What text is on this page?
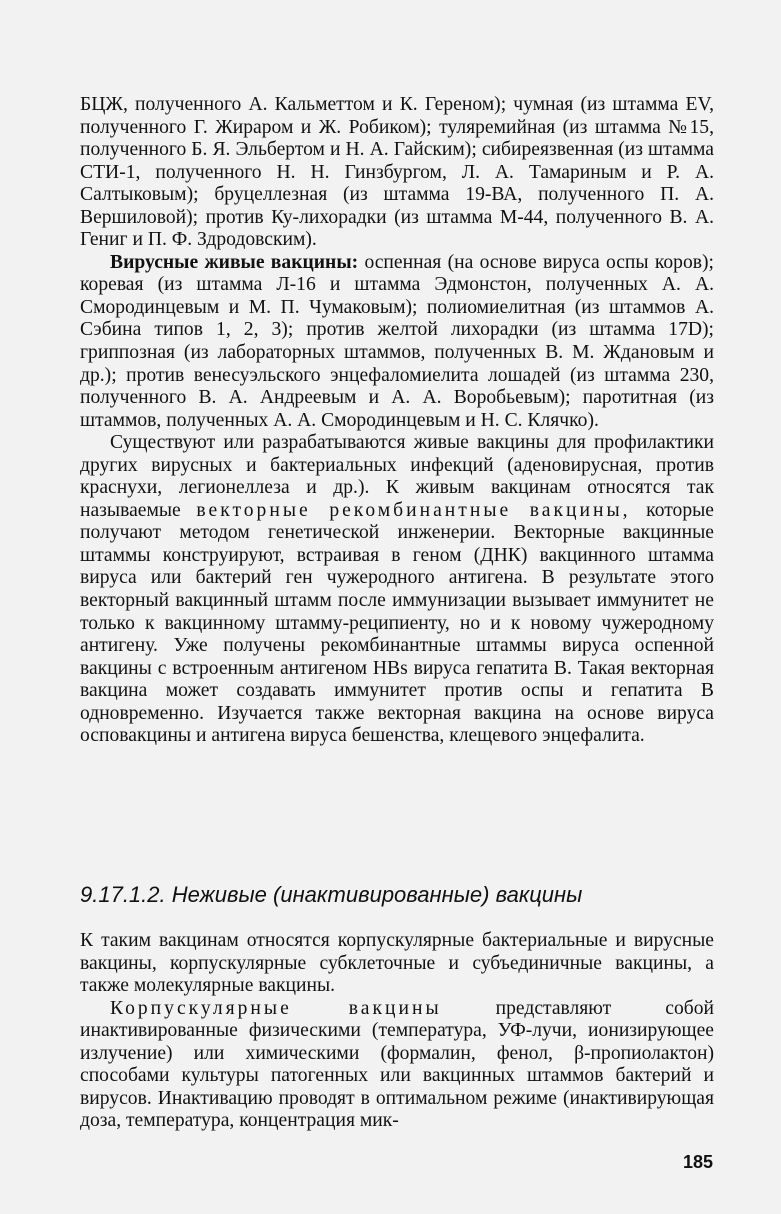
БЦЖ, полученного А. Кальметтом и К. Гереном); чумная (из штамма EV, полученного Г. Жираром и Ж. Робиком); туляремийная (из штамма №15, полученного Б. Я. Эльбертом и Н. А. Гайским); сибиреязвенная (из штамма СТИ-1, полученного Н. Н. Гинзбургом, Л. А. Тамариным и Р. А. Салтыковым); бруцеллезная (из штамма 19-ВА, полученного П. А. Вершиловой); против Ку-лихорадки (из штамма М-44, полученного В. А. Гениг и П. Ф. Здродовским).

Вирусные живые вакцины: оспенная (на основе вируса оспы коров); коревая (из штамма Л-16 и штамма Эдмонстон, полученных А. А. Смородинцевым и М. П. Чумаковым); полиомиелитная (из штаммов А. Сэбина типов 1, 2, 3); против желтой лихорадки (из штамма 17D); гриппозная (из лабораторных штаммов, полученных В. М. Ждановым и др.); против венесуэльского энцефаломиелита лошадей (из штамма 230, полученного В. А. Андреевым и А. А. Воробьевым); паротитная (из штаммов, полученных А. А. Смородинцевым и Н. С. Клячко).

Существуют или разрабатываются живые вакцины для профилактики других вирусных и бактериальных инфекций (аденовирусная, против краснухи, легионеллеза и др.). К живым вакцинам относятся так называемые векторные рекомбинантные вакцины, которые получают методом генетической инженерии. Векторные вакцинные штаммы конструируют, встраивая в геном (ДНК) вакцинного штамма вируса или бактерий ген чужеродного антигена. В результате этого векторный вакцинный штамм после иммунизации вызывает иммунитет не только к вакцинному штамму-реципиенту, но и к новому чужеродному антигену. Уже получены рекомбинантные штаммы вируса оспенной вакцины с встроенным антигеном HBs вируса гепатита B. Такая векторная вакцина может создавать иммунитет против оспы и гепатита B одновременно. Изучается также векторная вакцина на основе вируса осповакцины и антигена вируса бешенства, клещевого энцефалита.

9.17.1.2. Неживые (инактивированные) вакцины

К таким вакцинам относятся корпускулярные бактериальные и вирусные вакцины, корпускулярные субклеточные и субъединичные вакцины, а также молекулярные вакцины.

Корпускулярные вакцины представляют собой инактивированные физическими (температура, УФ-лучи, ионизирующее излучение) или химическими (формалин, фенол, β-пропиолактон) способами культуры патогенных или вакцинных штаммов бактерий и вирусов. Инактивацию проводят в оптимальном режиме (инактивирующая доза, температура, концентрация мик-

185
